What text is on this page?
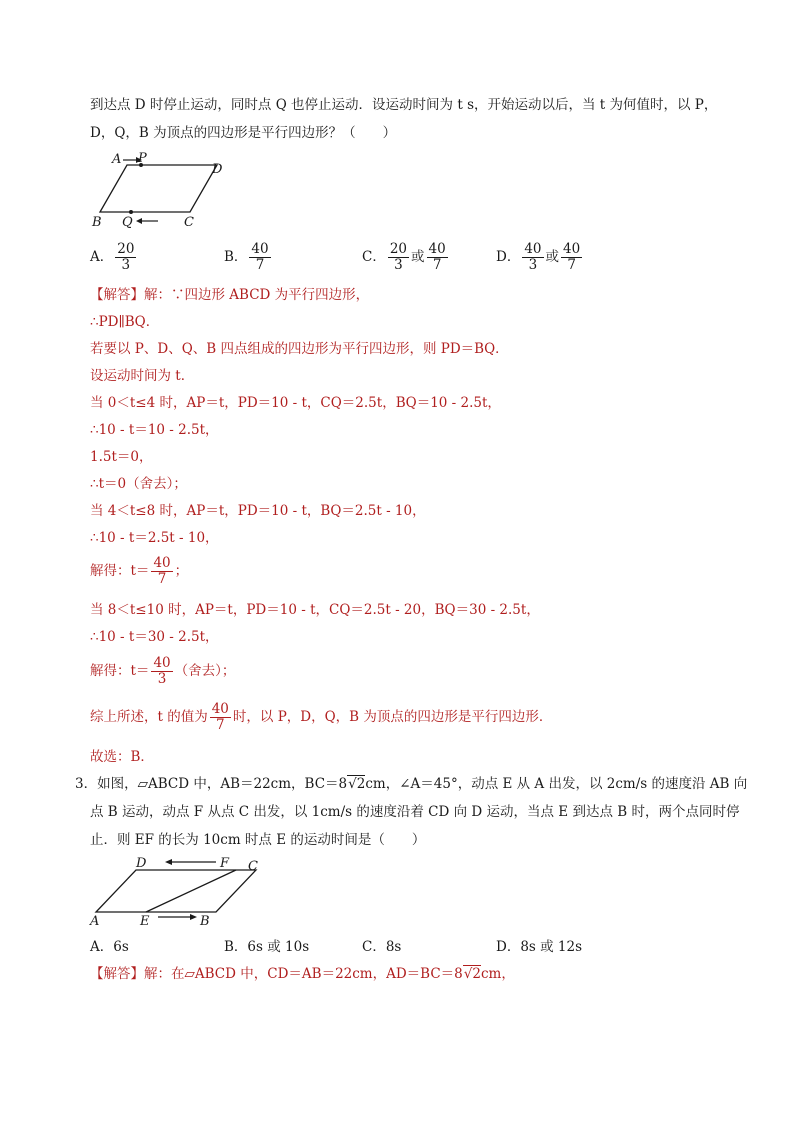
到达点 D 时停止运动，同时点 Q 也停止运动．设运动时间为 t s，开始运动以后，当 t 为何值时，以 P，
D，Q，B 为顶点的四边形是平行四边形？（　　）
A P
D
B Q	C
A． $\frac{20}{3}$	B． $\frac{40}{7}$	C． $\frac{20}{3}$ 或 $\frac{40}{7}$	D． $\frac{40}{3}$ 或 $\frac{40}{7}$
【解答】解：∵四边形 ABCD 为平行四边形，
∴PD∥BQ．
若要以 P、D、Q、B 四点组成的四边形为平行四边形，则 PD＝BQ．
设运动时间为 t．
当 0＜t≤4 时，AP＝t，PD＝10 - t，CQ＝2.5t，BQ＝10 - 2.5t，
∴10 - t＝10 - 2.5t，
1.5t＝0，
∴t＝0（舍去）；
当 4＜t≤8 时，AP＝t，PD＝10 - t，BQ＝2.5t - 10，
∴10 - t＝2.5t - 10，
解得：$t= \frac{40}{7}$ ；
当 8＜t≤10 时，AP＝t，PD＝10 - t，CQ＝2.5t - 20，BQ＝30 - 2.5t，
∴10 - t＝30 - 2.5t，
解得：$t= \frac{40}{3}$ （舍去）；
综上所述，t 的值为 $\frac{40}{7}$ 时，以 P，D，Q，B 为顶点的四边形是平行四边形．
故选：B．
3．如图，▱ABCD 中，AB＝22cm，BC＝8√2cm，∠A＝45°，动点 E 从 A 出发，以 2cm/s 的速度沿 AB 向
点 B 运动，动点 F 从点 C 出发，以 1cm/s 的速度沿着 CD 向 D 运动，当点 E 到达点 B 时，两个点同时停
止．则 EF 的长为 10cm 时点 E 的运动时间是（　　）
D	F C
A	E	B
A．6s	B．6s 或 10s	C．8s	D．8s 或 12s
【解答】解：在▱ABCD 中，CD＝AB＝22cm，AD＝BC＝8√2cm，
